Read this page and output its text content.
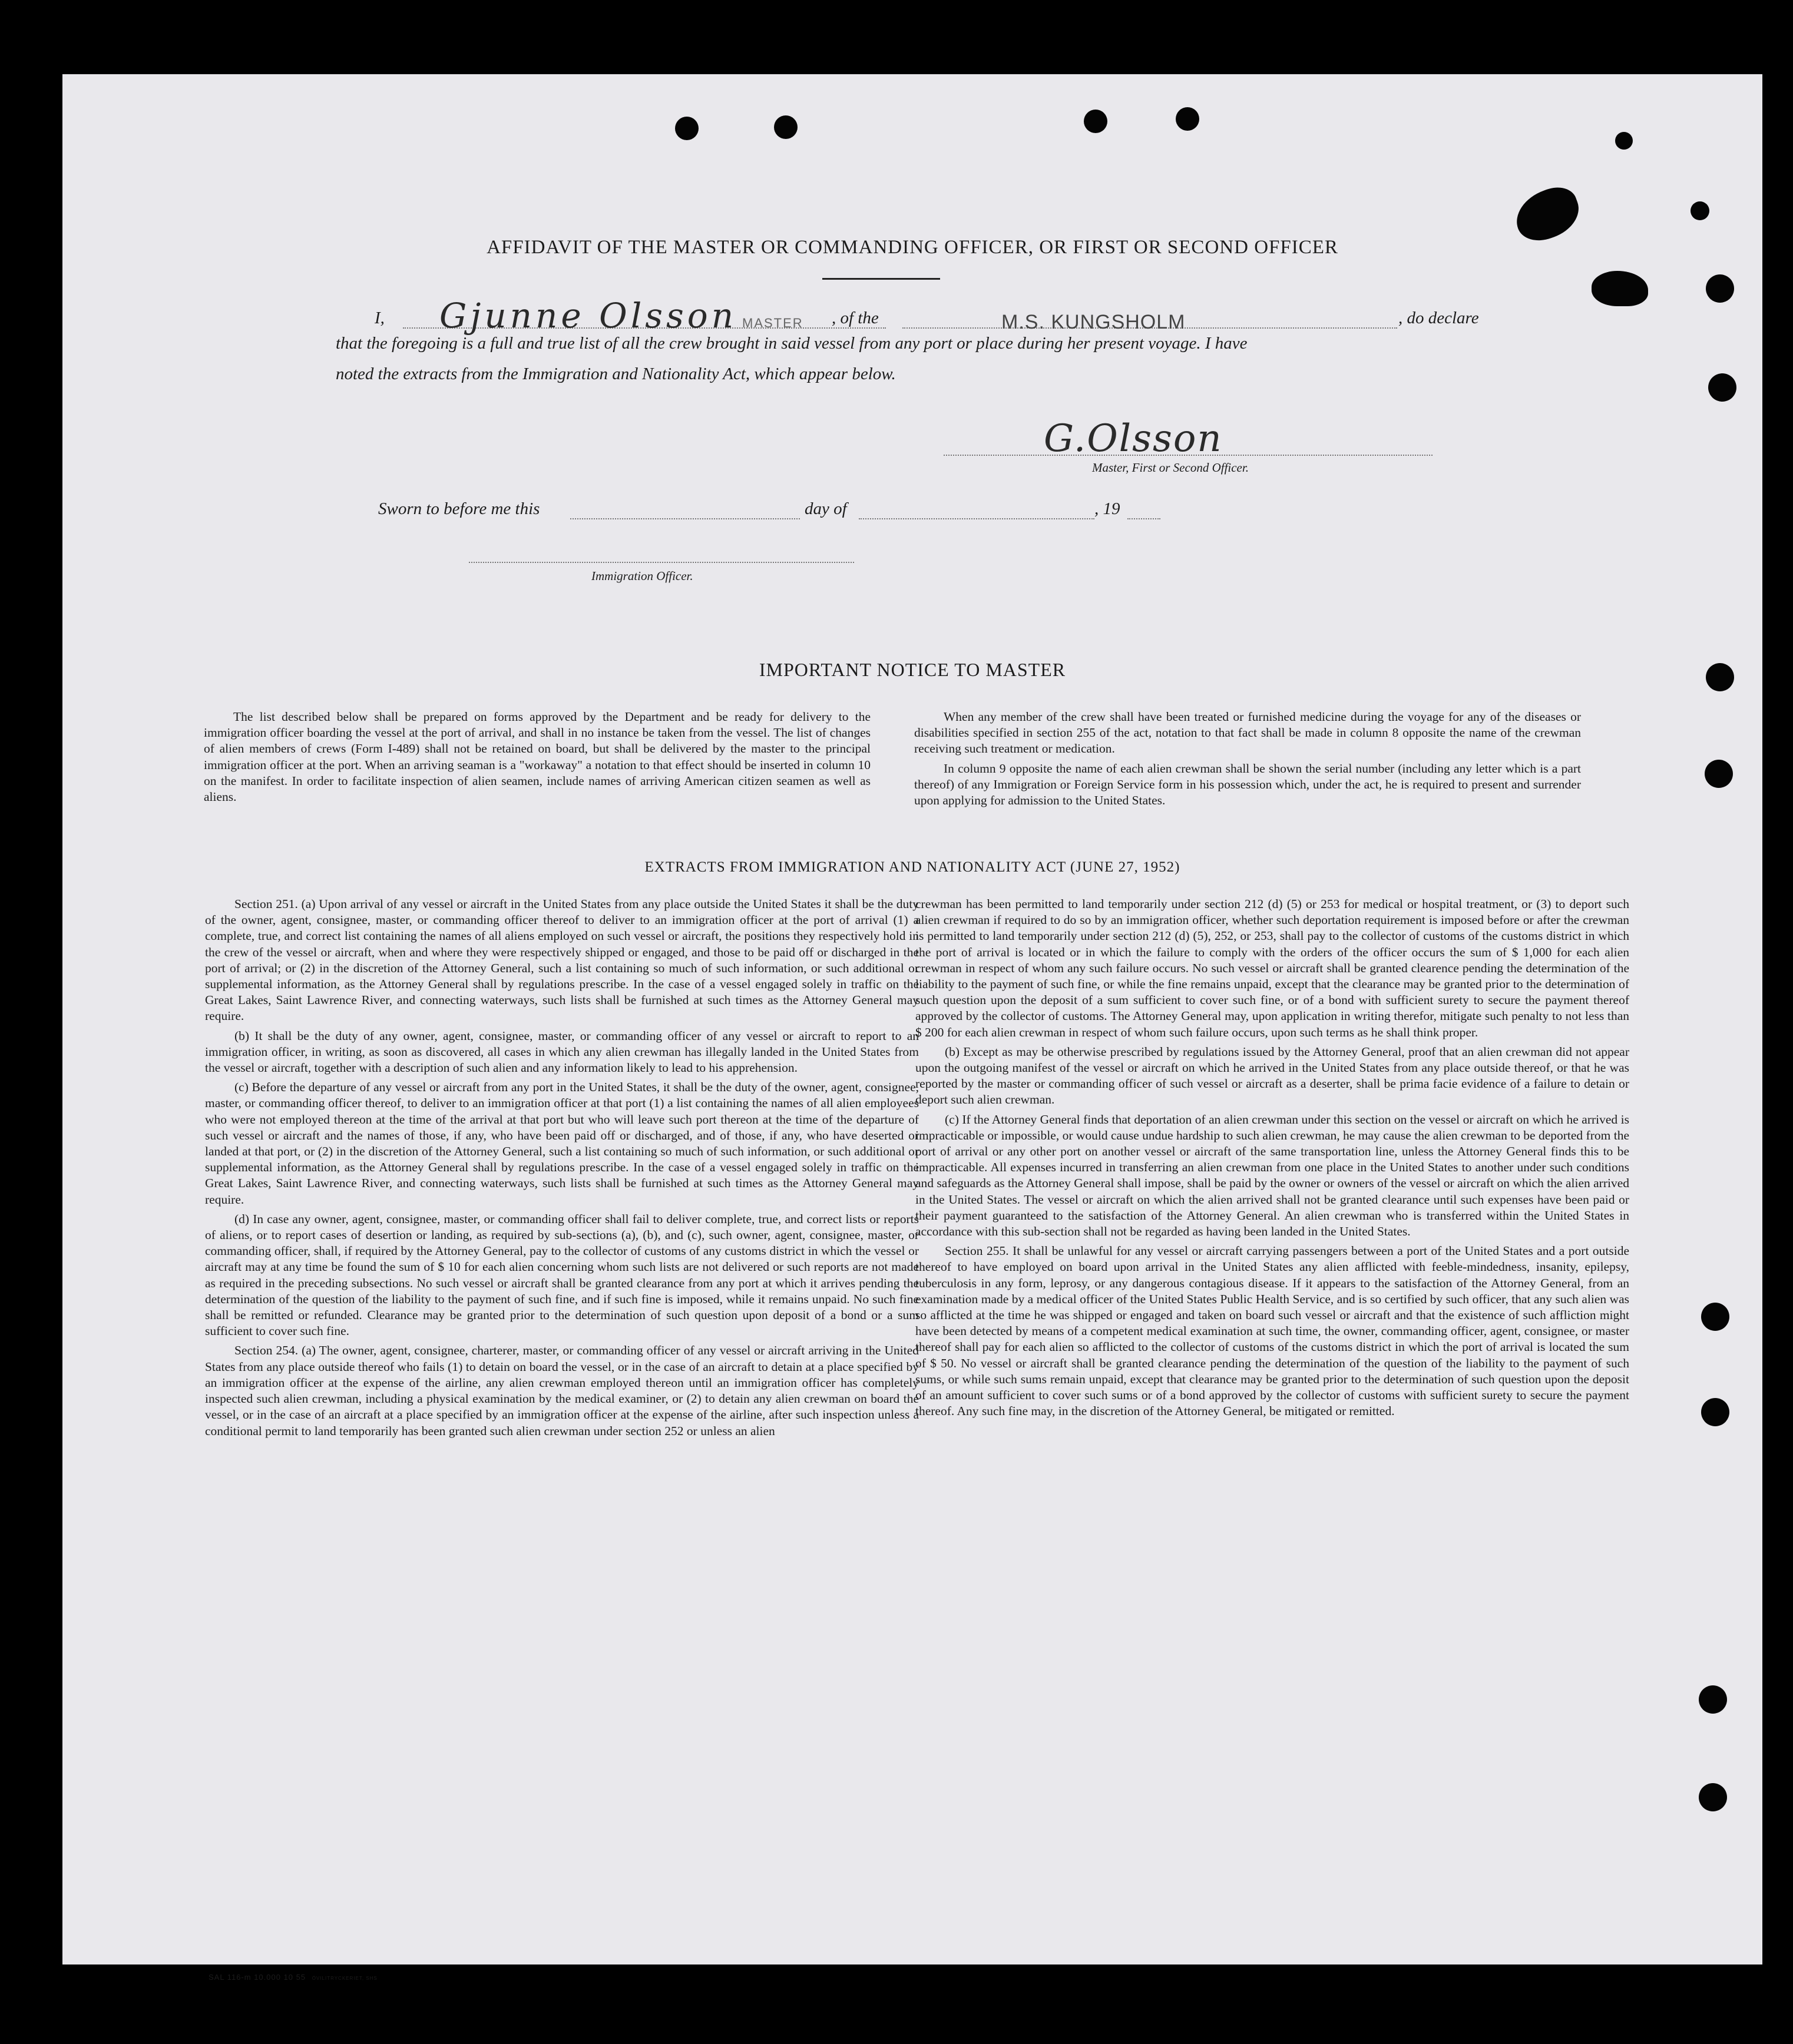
AFFIDAVIT OF THE MASTER OR COMMANDING OFFICER, OR FIRST OR SECOND OFFICER
I, Gjunne Olsson MASTER , of the	M.S. KUNGSHOLM	, do declare
that the foregoing is a full and true list of all the crew brought in said vessel from any port or place during her present voyage. I have
noted the extracts from the Immigration and Nationality Act, which appear below.
G.Olsson
Master, First or Second Officer.
Sworn to before me this	day of	, 19
Immigration Officer.
IMPORTANT NOTICE TO MASTER

The list described below shall be prepared on forms approved by the Department and be ready for delivery to the immigration officer boarding the vessel at the port of arrival, and shall in no instance be taken from the vessel. The list of changes of alien members of crews (Form I-489) shall not be retained on board, but shall be delivered by the master to the principal immigration officer at the port. When an arriving seaman is a "workaway" a notation to that effect should be inserted in column 10 on the manifest. In order to facilitate inspection of alien seamen, include names of arriving American citizen seamen as well as aliens.

When any member of the crew shall have been treated or furnished medicine during the voyage for any of the diseases or disabilities specified in section 255 of the act, notation to that fact shall be made in column 8 opposite the name of the crewman receiving such treatment or medication.

In column 9 opposite the name of each alien crewman shall be shown the serial number (including any letter which is a part thereof) of any Immigration or Foreign Service form in his possession which, under the act, he is required to present and surrender upon applying for admission to the United States.

EXTRACTS FROM IMMIGRATION AND NATIONALITY ACT (JUNE 27, 1952)

Section 251. (a) Upon arrival of any vessel or aircraft in the United States from any place outside the United States it shall be the duty of the owner, agent, consignee, master, or commanding officer thereof to deliver to an immigration officer at the port of arrival (1) a complete, true, and correct list containing the names of all aliens employed on such vessel or aircraft, the positions they respectively hold in the crew of the vessel or aircraft, when and where they were respectively shipped or engaged, and those to be paid off or discharged in the port of arrival; or (2) in the discretion of the Attorney General, such a list containing so much of such information, or such additional or supplemental information, as the Attorney General shall by regulations prescribe. In the case of a vessel engaged solely in traffic on the Great Lakes, Saint Lawrence River, and connecting waterways, such lists shall be furnished at such times as the Attorney General may require.

(b) It shall be the duty of any owner, agent, consignee, master, or commanding officer of any vessel or aircraft to report to an immigration officer, in writing, as soon as discovered, all cases in which any alien crewman has illegally landed in the United States from the vessel or aircraft, together with a description of such alien and any information likely to lead to his apprehension.

(c) Before the departure of any vessel or aircraft from any port in the United States, it shall be the duty of the owner, agent, consignee, master, or commanding officer thereof, to deliver to an immigration officer at that port (1) a list containing the names of all alien employees who were not employed thereon at the time of the arrival at that port but who will leave such port thereon at the time of the departure of such vessel or aircraft and the names of those, if any, who have been paid off or discharged, and of those, if any, who have deserted or landed at that port, or (2) in the discretion of the Attorney General, such a list containing so much of such information, or such additional or supplemental information, as the Attorney General shall by regulations prescribe. In the case of a vessel engaged solely in traffic on the Great Lakes, Saint Lawrence River, and connecting waterways, such lists shall be furnished at such times as the Attorney General may require.

(d) In case any owner, agent, consignee, master, or commanding officer shall fail to deliver complete, true, and correct lists or reports of aliens, or to report cases of desertion or landing, as required by sub-sections (a), (b), and (c), such owner, agent, consignee, master, or commanding officer, shall, if required by the Attorney General, pay to the collector of customs of any customs district in which the vessel or aircraft may at any time be found the sum of $ 10 for each alien concerning whom such lists are not delivered or such reports are not made as required in the preceding subsections. No such vessel or aircraft shall be granted clearance from any port at which it arrives pending the determination of the question of the liability to the payment of such fine, and if such fine is imposed, while it remains unpaid. No such fine shall be remitted or refunded. Clearance may be granted prior to the determination of such question upon deposit of a bond or a sum sufficient to cover such fine.

Section 254. (a) The owner, agent, consignee, charterer, master, or commanding officer of any vessel or aircraft arriving in the United States from any place outside thereof who fails (1) to detain on board the vessel, or in the case of an aircraft to detain at a place specified by an immigration officer at the expense of the airline, any alien crewman employed thereon until an immigration officer has completely inspected such alien crewman, including a physical examination by the medical examiner, or (2) to detain any alien crewman on board the vessel, or in the case of an aircraft at a place specified by an immigration officer at the expense of the airline, after such inspection unless a conditional permit to land temporarily has been granted such alien crewman under section 252 or unless an alien

crewman has been permitted to land temporarily under section 212 (d) (5) or 253 for medical or hospital treatment, or (3) to deport such alien crewman if required to do so by an immigration officer, whether such deportation requirement is imposed before or after the crewman is permitted to land temporarily under section 212 (d) (5), 252, or 253, shall pay to the collector of customs of the customs district in which the port of arrival is located or in which the failure to comply with the orders of the officer occurs the sum of $ 1,000 for each alien crewman in respect of whom any such failure occurs. No such vessel or aircraft shall be granted clearence pending the determination of the liability to the payment of such fine, or while the fine remains unpaid, except that the clearance may be granted prior to the determination of such question upon the deposit of a sum sufficient to cover such fine, or of a bond with sufficient surety to secure the payment thereof approved by the collector of customs. The Attorney General may, upon application in writing therefor, mitigate such penalty to not less than $ 200 for each alien crewman in respect of whom such failure occurs, upon such terms as he shall think proper.

(b) Except as may be otherwise prescribed by regulations issued by the Attorney General, proof that an alien crewman did not appear upon the outgoing manifest of the vessel or aircraft on which he arrived in the United States from any place outside thereof, or that he was reported by the master or commanding officer of such vessel or aircraft as a deserter, shall be prima facie evidence of a failure to detain or deport such alien crewman.

(c) If the Attorney General finds that deportation of an alien crewman under this section on the vessel or aircraft on which he arrived is impracticable or impossible, or would cause undue hardship to such alien crewman, he may cause the alien crewman to be deported from the port of arrival or any other port on another vessel or aircraft of the same transportation line, unless the Attorney General finds this to be impracticable. All expenses incurred in transferring an alien crewman from one place in the United States to another under such conditions and safeguards as the Attorney General shall impose, shall be paid by the owner or owners of the vessel or aircraft on which the alien arrived in the United States. The vessel or aircraft on which the alien arrived shall not be granted clearance until such expenses have been paid or their payment guaranteed to the satisfaction of the Attorney General. An alien crewman who is transferred within the United States in accordance with this sub-section shall not be regarded as having been landed in the United States.

Section 255. It shall be unlawful for any vessel or aircraft carrying passengers between a port of the United States and a port outside thereof to have employed on board upon arrival in the United States any alien afflicted with feeble-mindedness, insanity, epilepsy, tuberculosis in any form, leprosy, or any dangerous contagious disease. If it appears to the satisfaction of the Attorney General, from an examination made by a medical officer of the United States Public Health Service, and is so certified by such officer, that any such alien was so afflicted at the time he was shipped or engaged and taken on board such vessel or aircraft and that the existence of such affliction might have been detected by means of a competent medical examination at such time, the owner, commanding officer, agent, consignee, or master thereof shall pay for each alien so afflicted to the collector of customs of the customs district in which the port of arrival is located the sum of $ 50. No vessel or aircraft shall be granted clearance pending the determination of the question of the liability to the payment of such sums, or while such sums remain unpaid, except that clearance may be granted prior to the determination of such question upon the deposit of an amount sufficient to cover such sums or of a bond approved by the collector of customs with sufficient surety to secure the payment thereof. Any such fine may, in the discretion of the Attorney General, be mitigated or remitted.

SAL 116-m 10.000 10 55 ÖVILITRYCKERIET, SHS
